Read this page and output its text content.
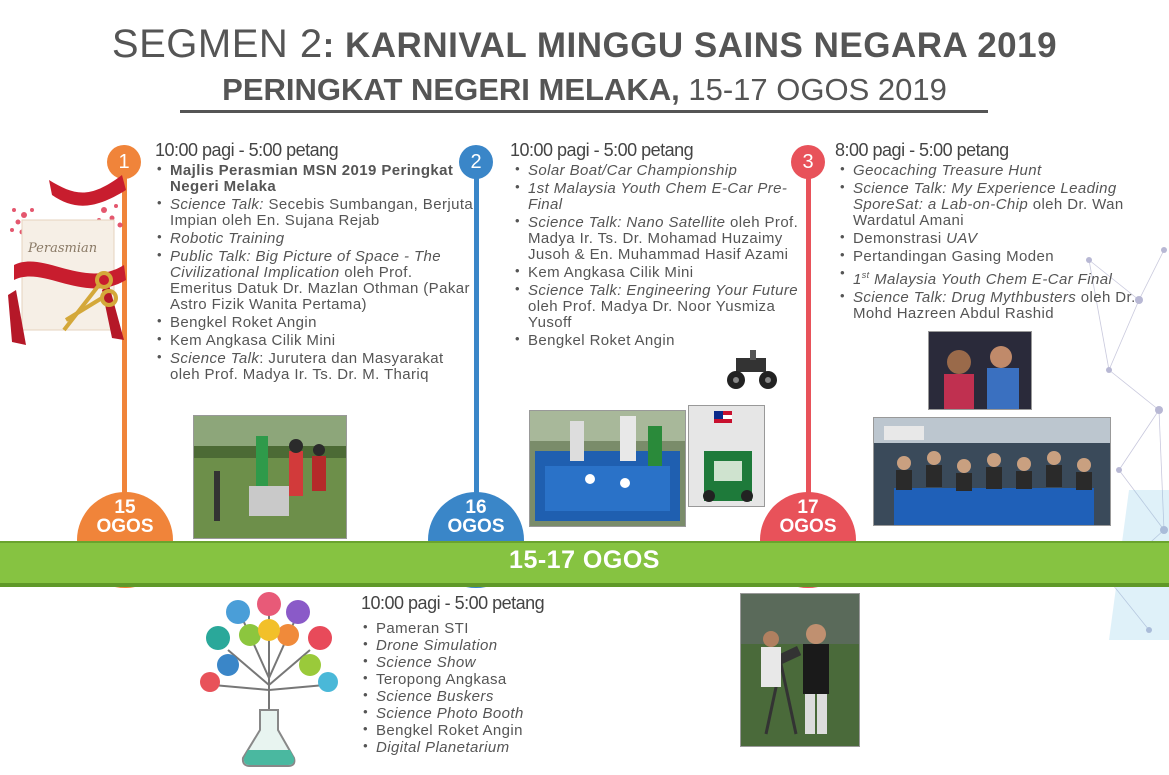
SEGMEN 2: KARNIVAL MINGGU SAINS NEGARA 2019
PERINGKAT NEGERI MELAKA, 15-17 OGOS 2019
1
15
OGOS
Perasmian
10:00 pagi - 5:00 petang
• Majlis Perasmian MSN 2019 Peringkat Negeri Melaka
• Science Talk: Secebis Sumbangan, Berjuta Impian oleh En. Sujana Rejab
• Robotic Training
• Public Talk: Big Picture of Space - The Civilizational Implication oleh Prof. Emeritus Datuk Dr. Mazlan Othman (Pakar Astro Fizik Wanita Pertama)
• Bengkel Roket Angin
• Kem Angkasa Cilik Mini
• Science Talk: Jurutera dan Masyarakat oleh Prof. Madya Ir. Ts. Dr. M. Thariq
2
16
OGOS
10:00 pagi - 5:00 petang
• Solar Boat/Car Championship
• 1st Malaysia Youth Chem E-Car Pre-Final
• Science Talk: Nano Satellite oleh Prof. Madya Ir. Ts. Dr. Mohamad Huzaimy Jusoh & En. Muhammad Hasif Azami
• Kem Angkasa Cilik Mini
• Science Talk: Engineering Your Future oleh Prof. Madya Dr. Noor Yusmiza Yusoff
• Bengkel Roket Angin
3
17
OGOS
8:00 pagi - 5:00 petang
• Geocaching Treasure Hunt
• Science Talk: My Experience Leading SporeSat: a Lab-on-Chip oleh Dr. Wan Wardatul Amani
• Demonstrasi UAV
• Pertandingan Gasing Moden
• 1st Malaysia Youth Chem E-Car Final
• Science Talk: Drug Mythbusters oleh Dr. Mohd Hazreen Abdul Rashid
15-17 OGOS
10:00 pagi - 5:00 petang
• Pameran STI
• Drone Simulation
• Science Show
• Teropong Angkasa
• Science Buskers
• Science Photo Booth
• Bengkel Roket Angin
• Digital Planetarium
